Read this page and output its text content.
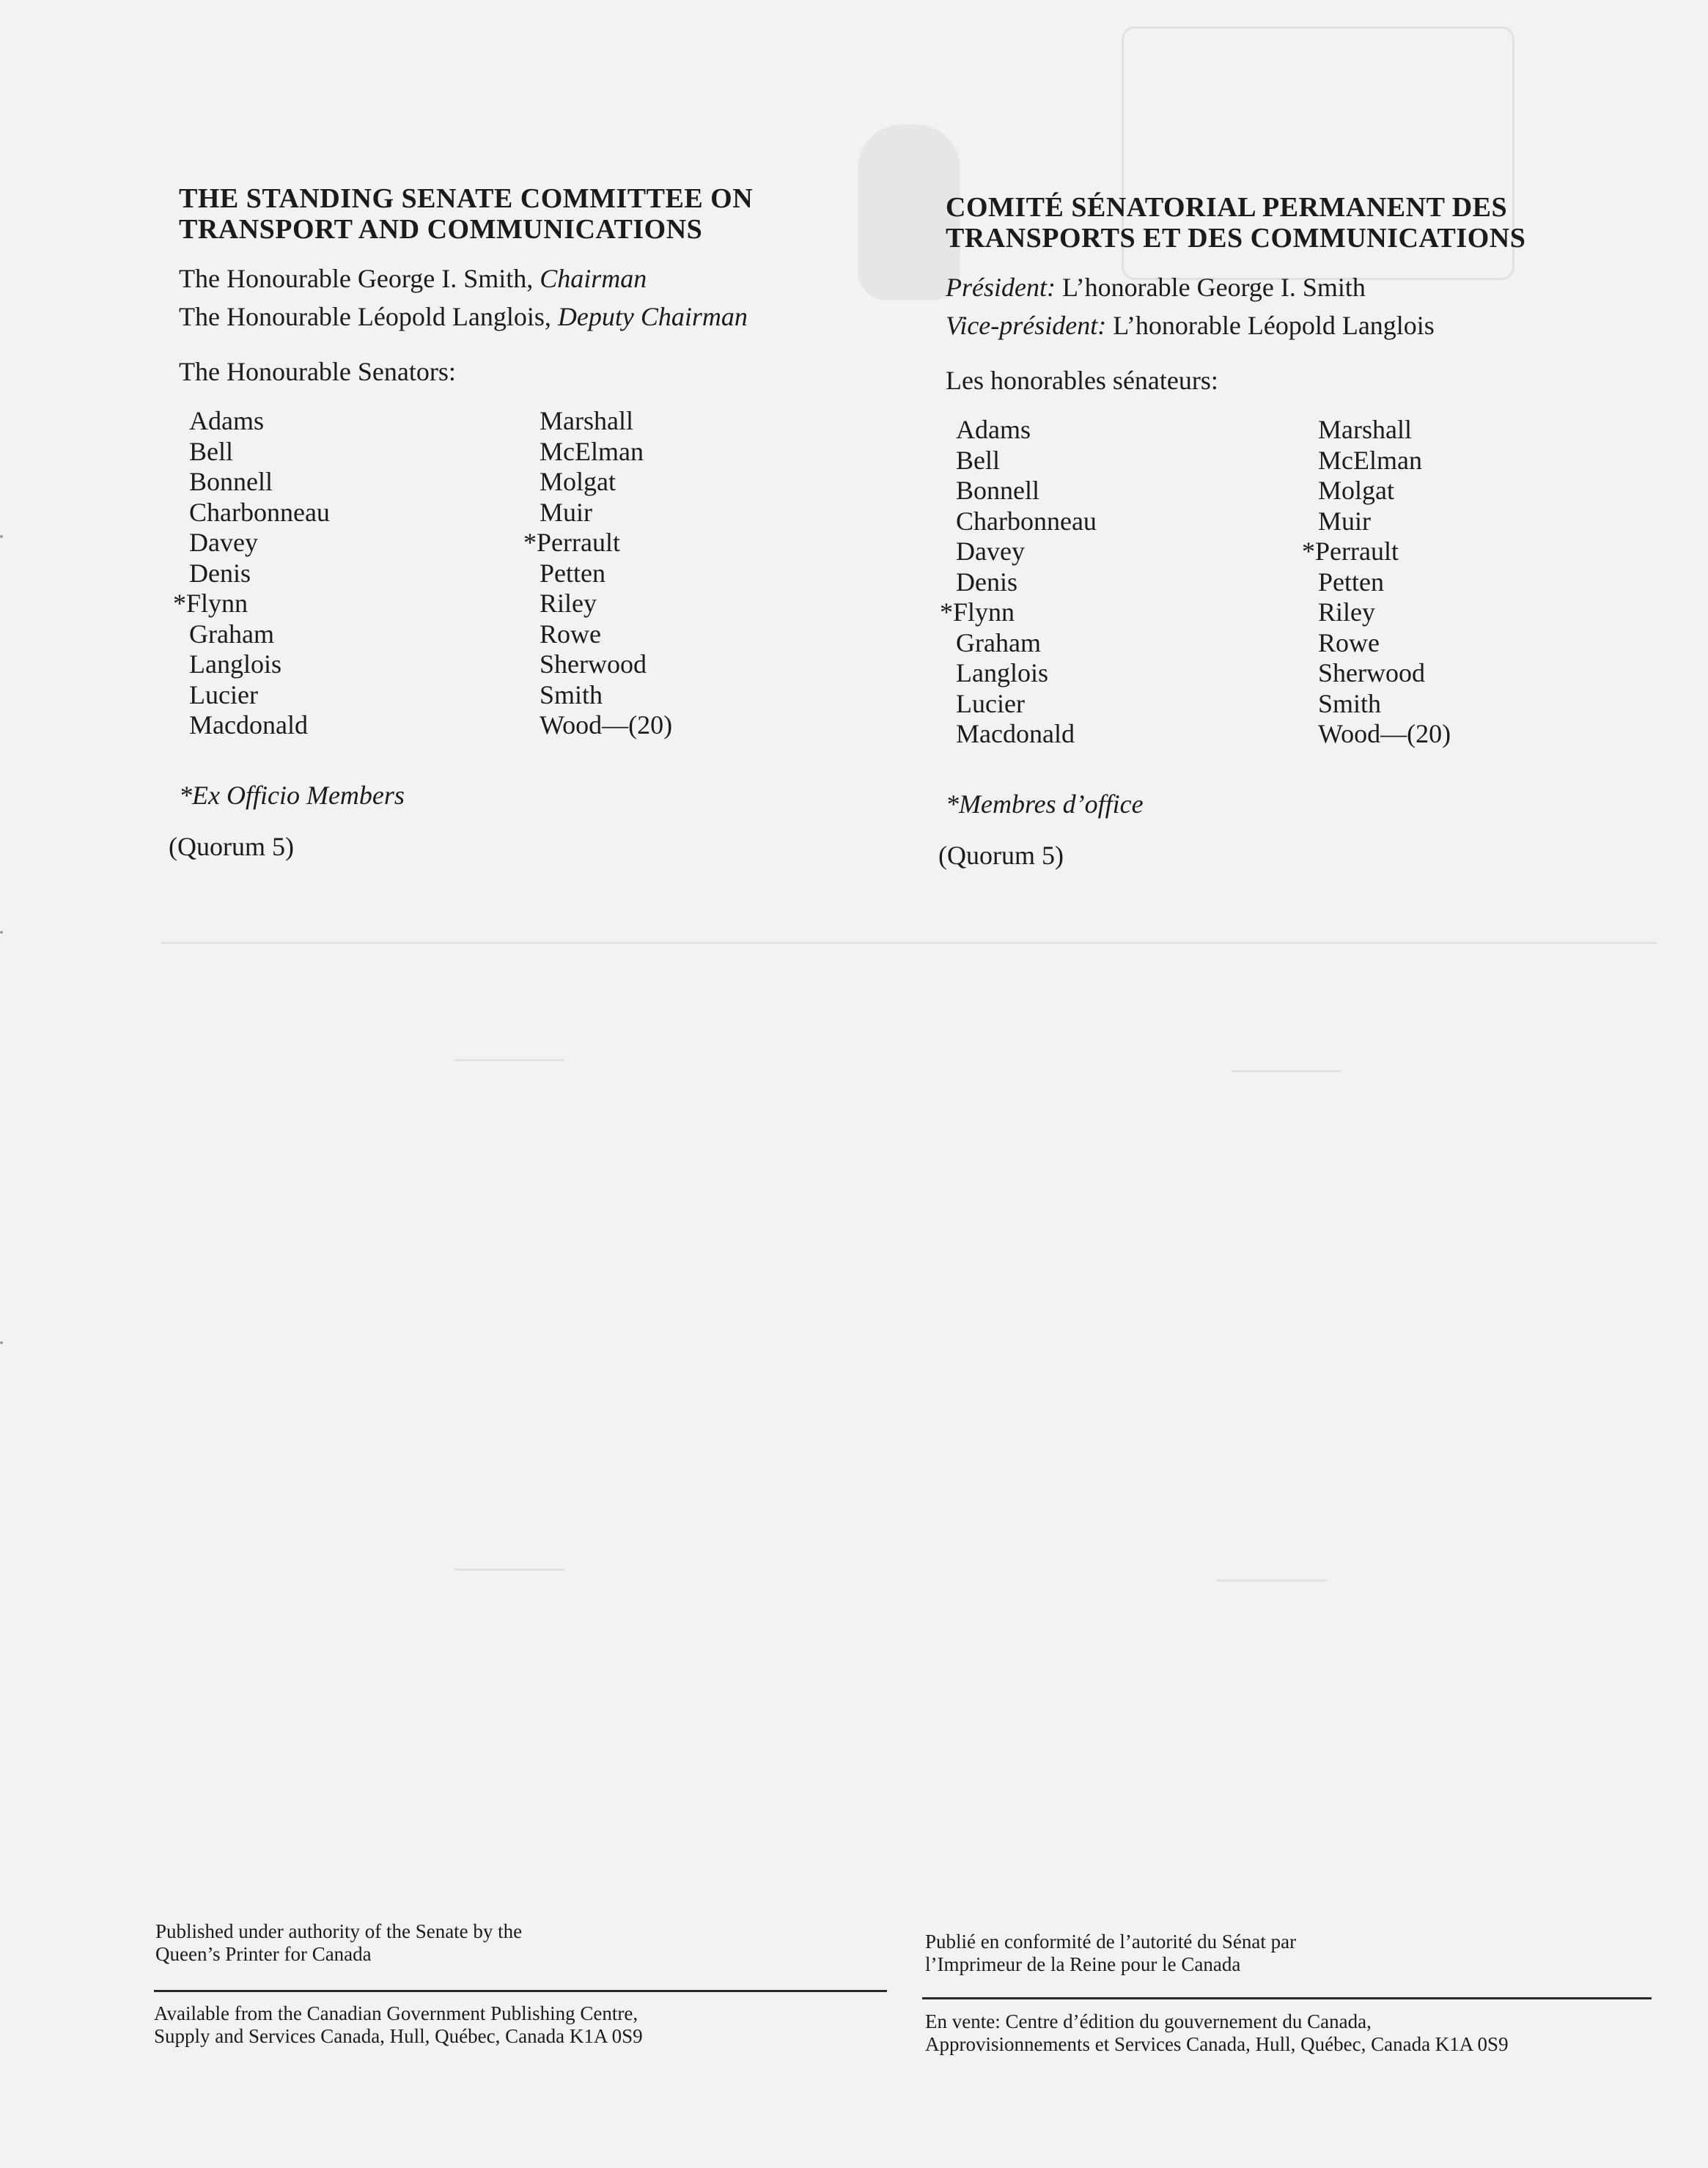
THE STANDING SENATE COMMITTEE ON
TRANSPORT AND COMMUNICATIONS
The Honourable George I. Smith, Chairman
The Honourable Léopold Langlois, Deputy Chairman
The Honourable Senators:
Adams
Bell
Bonnell
Charbonneau
Davey
Denis
*Flynn
Graham
Langlois
Lucier
Macdonald
Marshall
McElman
Molgat
Muir
*Perrault
Petten
Riley
Rowe
Sherwood
Smith
Wood—(20)
*Ex Officio Members
(Quorum 5)
COMITÉ SÉNATORIAL PERMANENT DES
TRANSPORTS ET DES COMMUNICATIONS
Président: L’honorable George I. Smith
Vice-président: L’honorable Léopold Langlois
Les honorables sénateurs:
Adams
Bell
Bonnell
Charbonneau
Davey
Denis
*Flynn
Graham
Langlois
Lucier
Macdonald
Marshall
McElman
Molgat
Muir
*Perrault
Petten
Riley
Rowe
Sherwood
Smith
Wood—(20)
*Membres d’office
(Quorum 5)
Published under authority of the Senate by the
Queen’s Printer for Canada
Available from the Canadian Government Publishing Centre,
Supply and Services Canada, Hull, Québec, Canada K1A 0S9
Publié en conformité de l’autorité du Sénat par
l’Imprimeur de la Reine pour le Canada
En vente: Centre d’édition du gouvernement du Canada,
Approvisionnements et Services Canada, Hull, Québec, Canada K1A 0S9
